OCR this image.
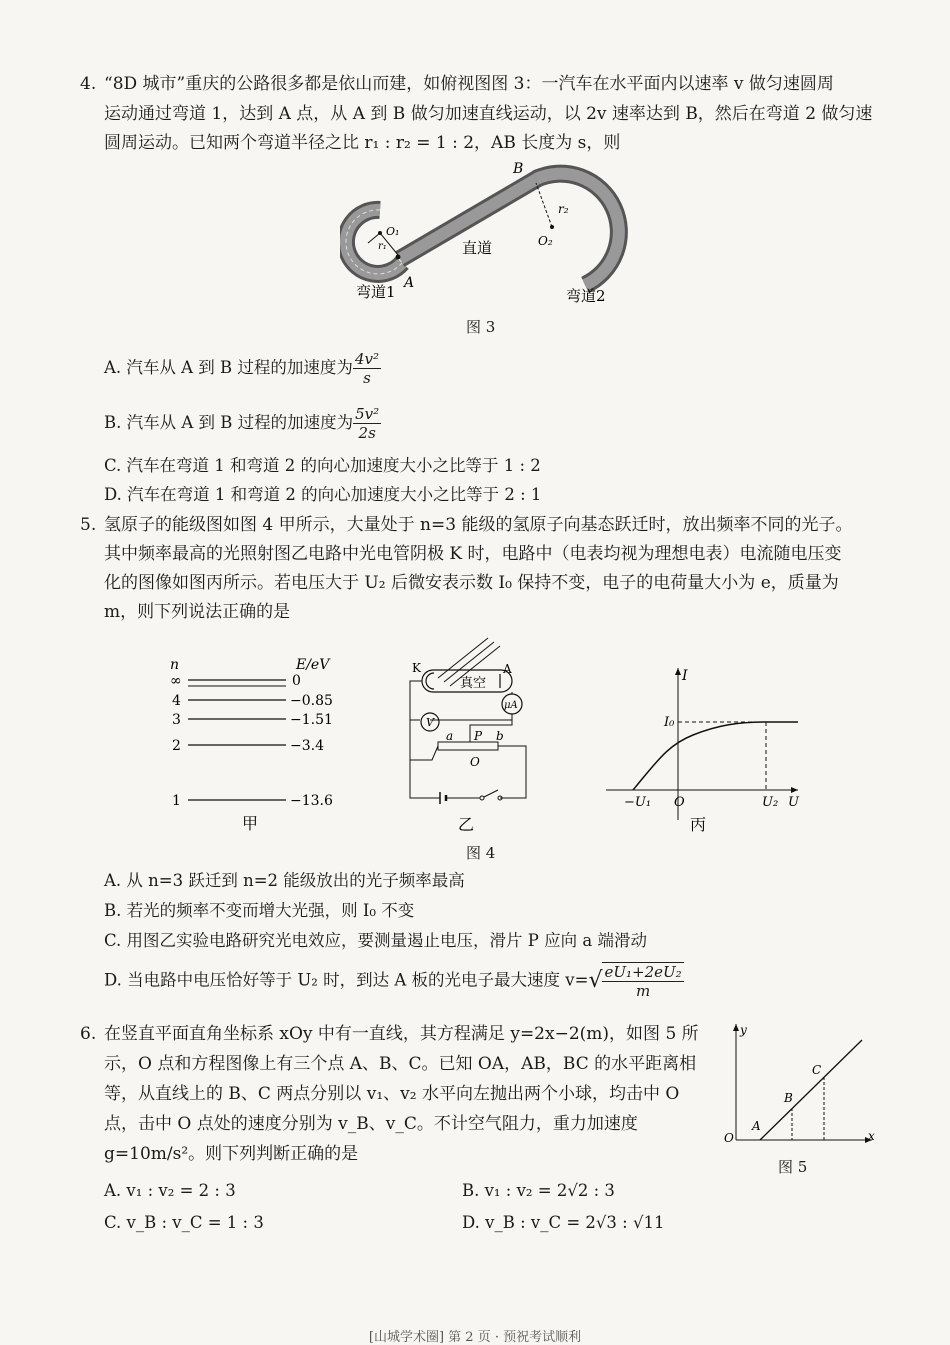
4. “8D 城市”重庆的公路很多都是依山而建，如俯视图图 3：一汽车在水平面内以速率 v 做匀速圆周
运动通过弯道 1，达到 A 点，从 A 到 B 做匀加速直线运动，以 2v 速率达到 B，然后在弯道 2 做匀速
圆周运动。已知两个弯道半径之比 r₁ : r₂ = 1 : 2，AB 长度为 s，则
B
r₂
O₂
O₁
r₁	直道
A
弯道1	弯道2
图 3
A. 汽车从 A 到 B 过程的加速度为 $\frac{\text{4v²}}{s}$
B. 汽车从 A 到 B 过程的加速度为 $\frac{\text{5v²}}{2s}$
C. 汽车在弯道 1 和弯道 2 的向心加速度大小之比等于 1 : 2
D. 汽车在弯道 1 和弯道 2 的向心加速度大小之比等于 2 : 1
5. 氢原子的能级图如图 4 甲所示，大量处于 n=3 能级的氢原子向基态跃迁时，放出频率不同的光子。
其中频率最高的光照射图乙电路中光电管阴极 K 时，电路中（电表均视为理想电表）电流随电压变
化的图像如图丙所示。若电压大于 U₂ 后微安表示数 I₀ 保持不变，电子的电荷量大小为 e，质量为
m，则下列说法正确的是
n	E/eV
∞	0
4	−0.85
3	−1.51
2	−3.4
1	−13.6
甲
K	A
真空
μA
V
a P b
O
乙
I
I₀
−U₁ O	U₂ U
丙
图 4
A. 从 n=3 跃迁到 n=2 能级放出的光子频率最高
B. 若光的频率不变而增大光强，则 I₀ 不变
C. 用图乙实验电路研究光电效应，要测量遏止电压，滑片 P 应向 a 端滑动
D. 当电路中电压恰好等于 U₂ 时，到达 A 板的光电子最大速度 $v=√ \frac{\text{eU₁+2eU₂}}{m}$
6. 在竖直平面直角坐标系 xOy 中有一直线，其方程满足 y=2x−2(m)，如图 5 所
示，O 点和方程图像上有三个点 A、B、C。已知 OA，AB，BC 的水平距离相
等，从直线上的 B、C 两点分别以 v₁、v₂ 水平向左抛出两个小球，均击中 O
点，击中 O 点处的速度分别为 v_B、v_C。不计空气阻力，重力加速度
g=10m/s²。则下列判断正确的是
y
x
O
A
B
C
图 5
A. v₁ : v₂ = 2 : 3	B. v₁ : v₂ = 2√2 : 3
C. v_B : v_C = 1 : 3	D. v_B : v_C = 2√3 : √11
[山城学术圈] 第 2 页 · 预祝考试顺利
